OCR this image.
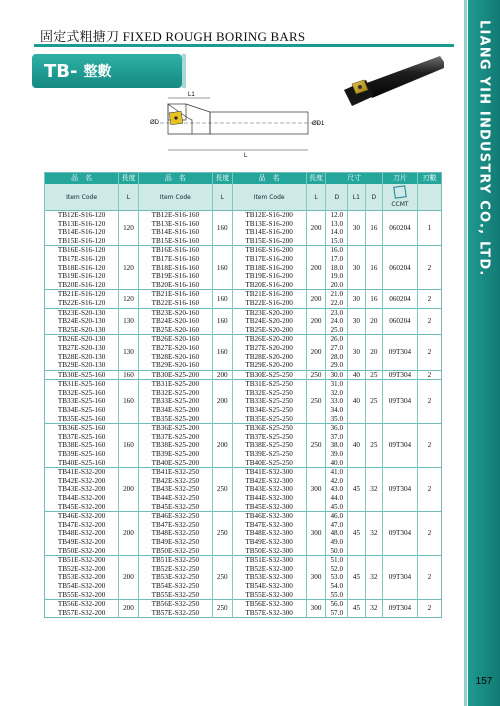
固定式粗搪刀 FIXED ROUGH BORING BARS
TB- 整數
L1
L
ØD	ØD1
品　名	長度	品　名	長度	品　名	長度	尺寸			刀片	刃數
Item Code	L	Item Code	L	Item Code	L	D	L1	D	CCMT	
TB12E-S16-120	120	TB12E-S16-160	160	TB12E-S16-200	200	12.0	30	16	060204	1
TB13E-S16-120		TB13E-S16-160		TB13E-S16-200		13.0				
TB14E-S16-120		TB14E-S16-160		TB14E-S16-200		14.0				
TB15E-S16-120		TB15E-S16-160		TB15E-S16-200		15.0				
TB16E-S16-120	120	TB16E-S16-160	160	TB16E-S16-200	200	16.0	30	16	060204	2
TB17E-S16-120		TB17E-S16-160		TB17E-S16-200		17.0				
TB18E-S16-120		TB18E-S16-160		TB18E-S16-200		18.0				
TB19E-S16-120		TB19E-S16-160		TB19E-S16-200		19.0				
TB20E-S16-120		TB20E-S16-160		TB20E-S16-200		20.0				
TB21E-S16-120	120	TB21E-S16-160	160	TB21E-S16-200	200	21.0	30	16	060204	2
TB22E-S16-120		TB22E-S16-160		TB22E-S16-200		22.0				
TB23E-S20-130	130	TB23E-S20-160	160	TB23E-S20-200	200	23.0	30	20	060204	2
TB24E-S20-130		TB24E-S20-160		TB24E-S20-200		24.0				
TB25E-S20-130		TB25E-S20-160		TB25E-S20-200		25.0				
TB26E-S20-130	130	TB26E-S20-160	160	TB26E-S20-200	200	26.0	30	20	09T304	2
TB27E-S20-130		TB27E-S20-160		TB27E-S20-200		27.0				
TB28E-S20-130		TB28E-S20-160		TB28E-S20-200		28.0				
TB29E-S20-130		TB29E-S20-160		TB29E-S20-200		29.0				
TB30E-S25-160	160	TB30E-S25-200	200	TB30E-S25-250	250	30.0	40	25	09T304	2
TB31E-S25-160	160	TB31E-S25-200	200	TB31E-S25-250	250	31.0	40	25	09T304	2
TB32E-S25-160		TB32E-S25-200		TB32E-S25-250		32.0				
TB33E-S25-160		TB33E-S25-200		TB33E-S25-250		33.0				
TB34E-S25-160		TB34E-S25-200		TB34E-S25-250		34.0				
TB35E-S25-160		TB35E-S25-200		TB35E-S25-250		35.0				
TB36E-S25-160	160	TB36E-S25-200	200	TB36E-S25-250	250	36.0	40	25	09T304	2
TB37E-S25-160		TB37E-S25-200		TB37E-S25-250		37.0				
TB38E-S25-160		TB38E-S25-200		TB38E-S25-250		38.0				
TB39E-S25-160		TB39E-S25-200		TB39E-S25-250		39.0				
TB40E-S25-160		TB40E-S25-200		TB40E-S25-250		40.0				
TB41E-S32-200	200	TB41E-S32-250	250	TB41E-S32-300	300	41.0	45	32	09T304	2
TB42E-S32-200		TB42E-S32-250		TB42E-S32-300		42.0				
TB43E-S32-200		TB43E-S32-250		TB43E-S32-300		43.0				
TB44E-S32-200		TB44E-S32-250		TB44E-S32-300		44.0				
TB45E-S32-200		TB45E-S32-250		TB45E-S32-300		45.0				
TB46E-S32-200	200	TB46E-S32-250	250	TB46E-S32-300	300	46.0	45	32	09T304	2
TB47E-S32-200		TB47E-S32-250		TB47E-S32-300		47.0				
TB48E-S32-200		TB48E-S32-250		TB48E-S32-300		48.0				
TB49E-S32-200		TB49E-S32-250		TB49E-S32-300		49.0				
TB50E-S32-200		TB50E-S32-250		TB50E-S32-300		50.0				
TB51E-S32-200	200	TB51E-S32-250	250	TB51E-S32-300	300	51.0	45	32	09T304	2
TB52E-S32-200		TB52E-S32-250		TB52E-S32-300		52.0				
TB53E-S32-200		TB53E-S32-250		TB53E-S32-300		53.0				
TB54E-S32-200		TB54E-S32-250		TB54E-S32-300		54.0				
TB55E-S32-200		TB55E-S32-250		TB55E-S32-300		55.0				
TB56E-S32-200	200	TB56E-S32-250	250	TB56E-S32-300	300	56.0	45	32	09T304	2
TB57E-S32-200		TB57E-S32-250		TB57E-S32-300		57.0				
LIANG YIH INDUSTRY CO., LTD.
157
